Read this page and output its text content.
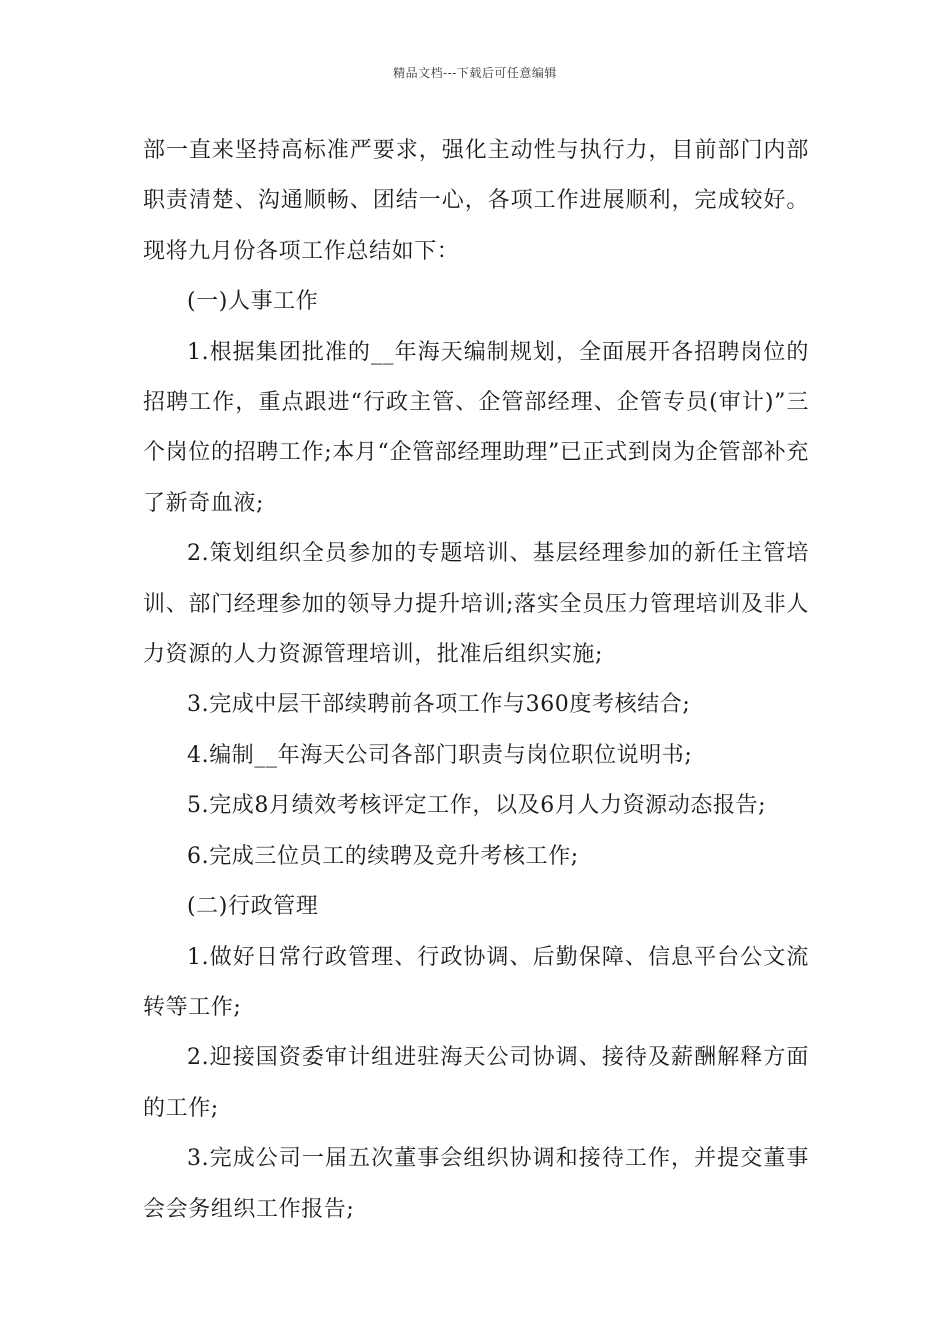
精品文档---下载后可任意编辑

部一直来坚持高标准严要求，强化主动性与执行力，目前部门内部职责清楚、沟通顺畅、团结一心，各项工作进展顺利，完成较好。现将九月份各项工作总结如下：

(一)人事工作

1.根据集团批准的__年海天编制规划，全面展开各招聘岗位的招聘工作，重点跟进“行政主管、企管部经理、企管专员(审计)”三个岗位的招聘工作;本月“企管部经理助理”已正式到岗为企管部补充了新奇血液;

2.策划组织全员参加的专题培训、基层经理参加的新任主管培训、部门经理参加的领导力提升培训;落实全员压力管理培训及非人力资源的人力资源管理培训，批准后组织实施;

3.完成中层干部续聘前各项工作与360度考核结合;

4.编制__年海天公司各部门职责与岗位职位说明书;

5.完成8月绩效考核评定工作，以及6月人力资源动态报告;

6.完成三位员工的续聘及竞升考核工作;

(二)行政管理

1.做好日常行政管理、行政协调、后勤保障、信息平台公文流转等工作;

2.迎接国资委审计组进驻海天公司协调、接待及薪酬解释方面的工作;

3.完成公司一届五次董事会组织协调和接待工作，并提交董事会会务组织工作报告;
